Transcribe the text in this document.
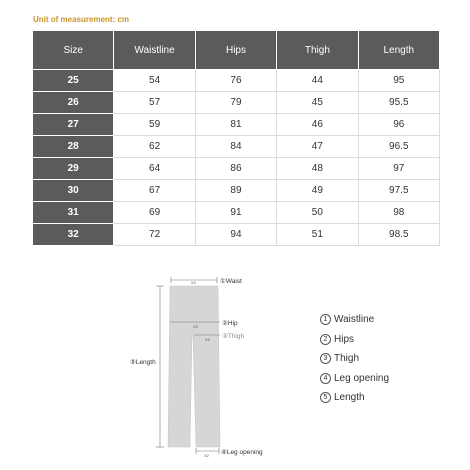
Unit of measurement: cm
Size	Waistline	Hips	Thigh	Length
25	54	76	44	95
26	57	79	45	95.5
27	59	81	46	96
28	62	84	47	96.5
29	64	86	48	97
30	67	89	49	97.5
31	69	91	50	98
32	72	94	51	98.5
X2	①Waist
X2	②Hip
X2 ③Thigh
⑤Length
X2 ④Leg opening
1 Waistline
2 Hips
3 Thigh
4 Leg opening
5 Length
